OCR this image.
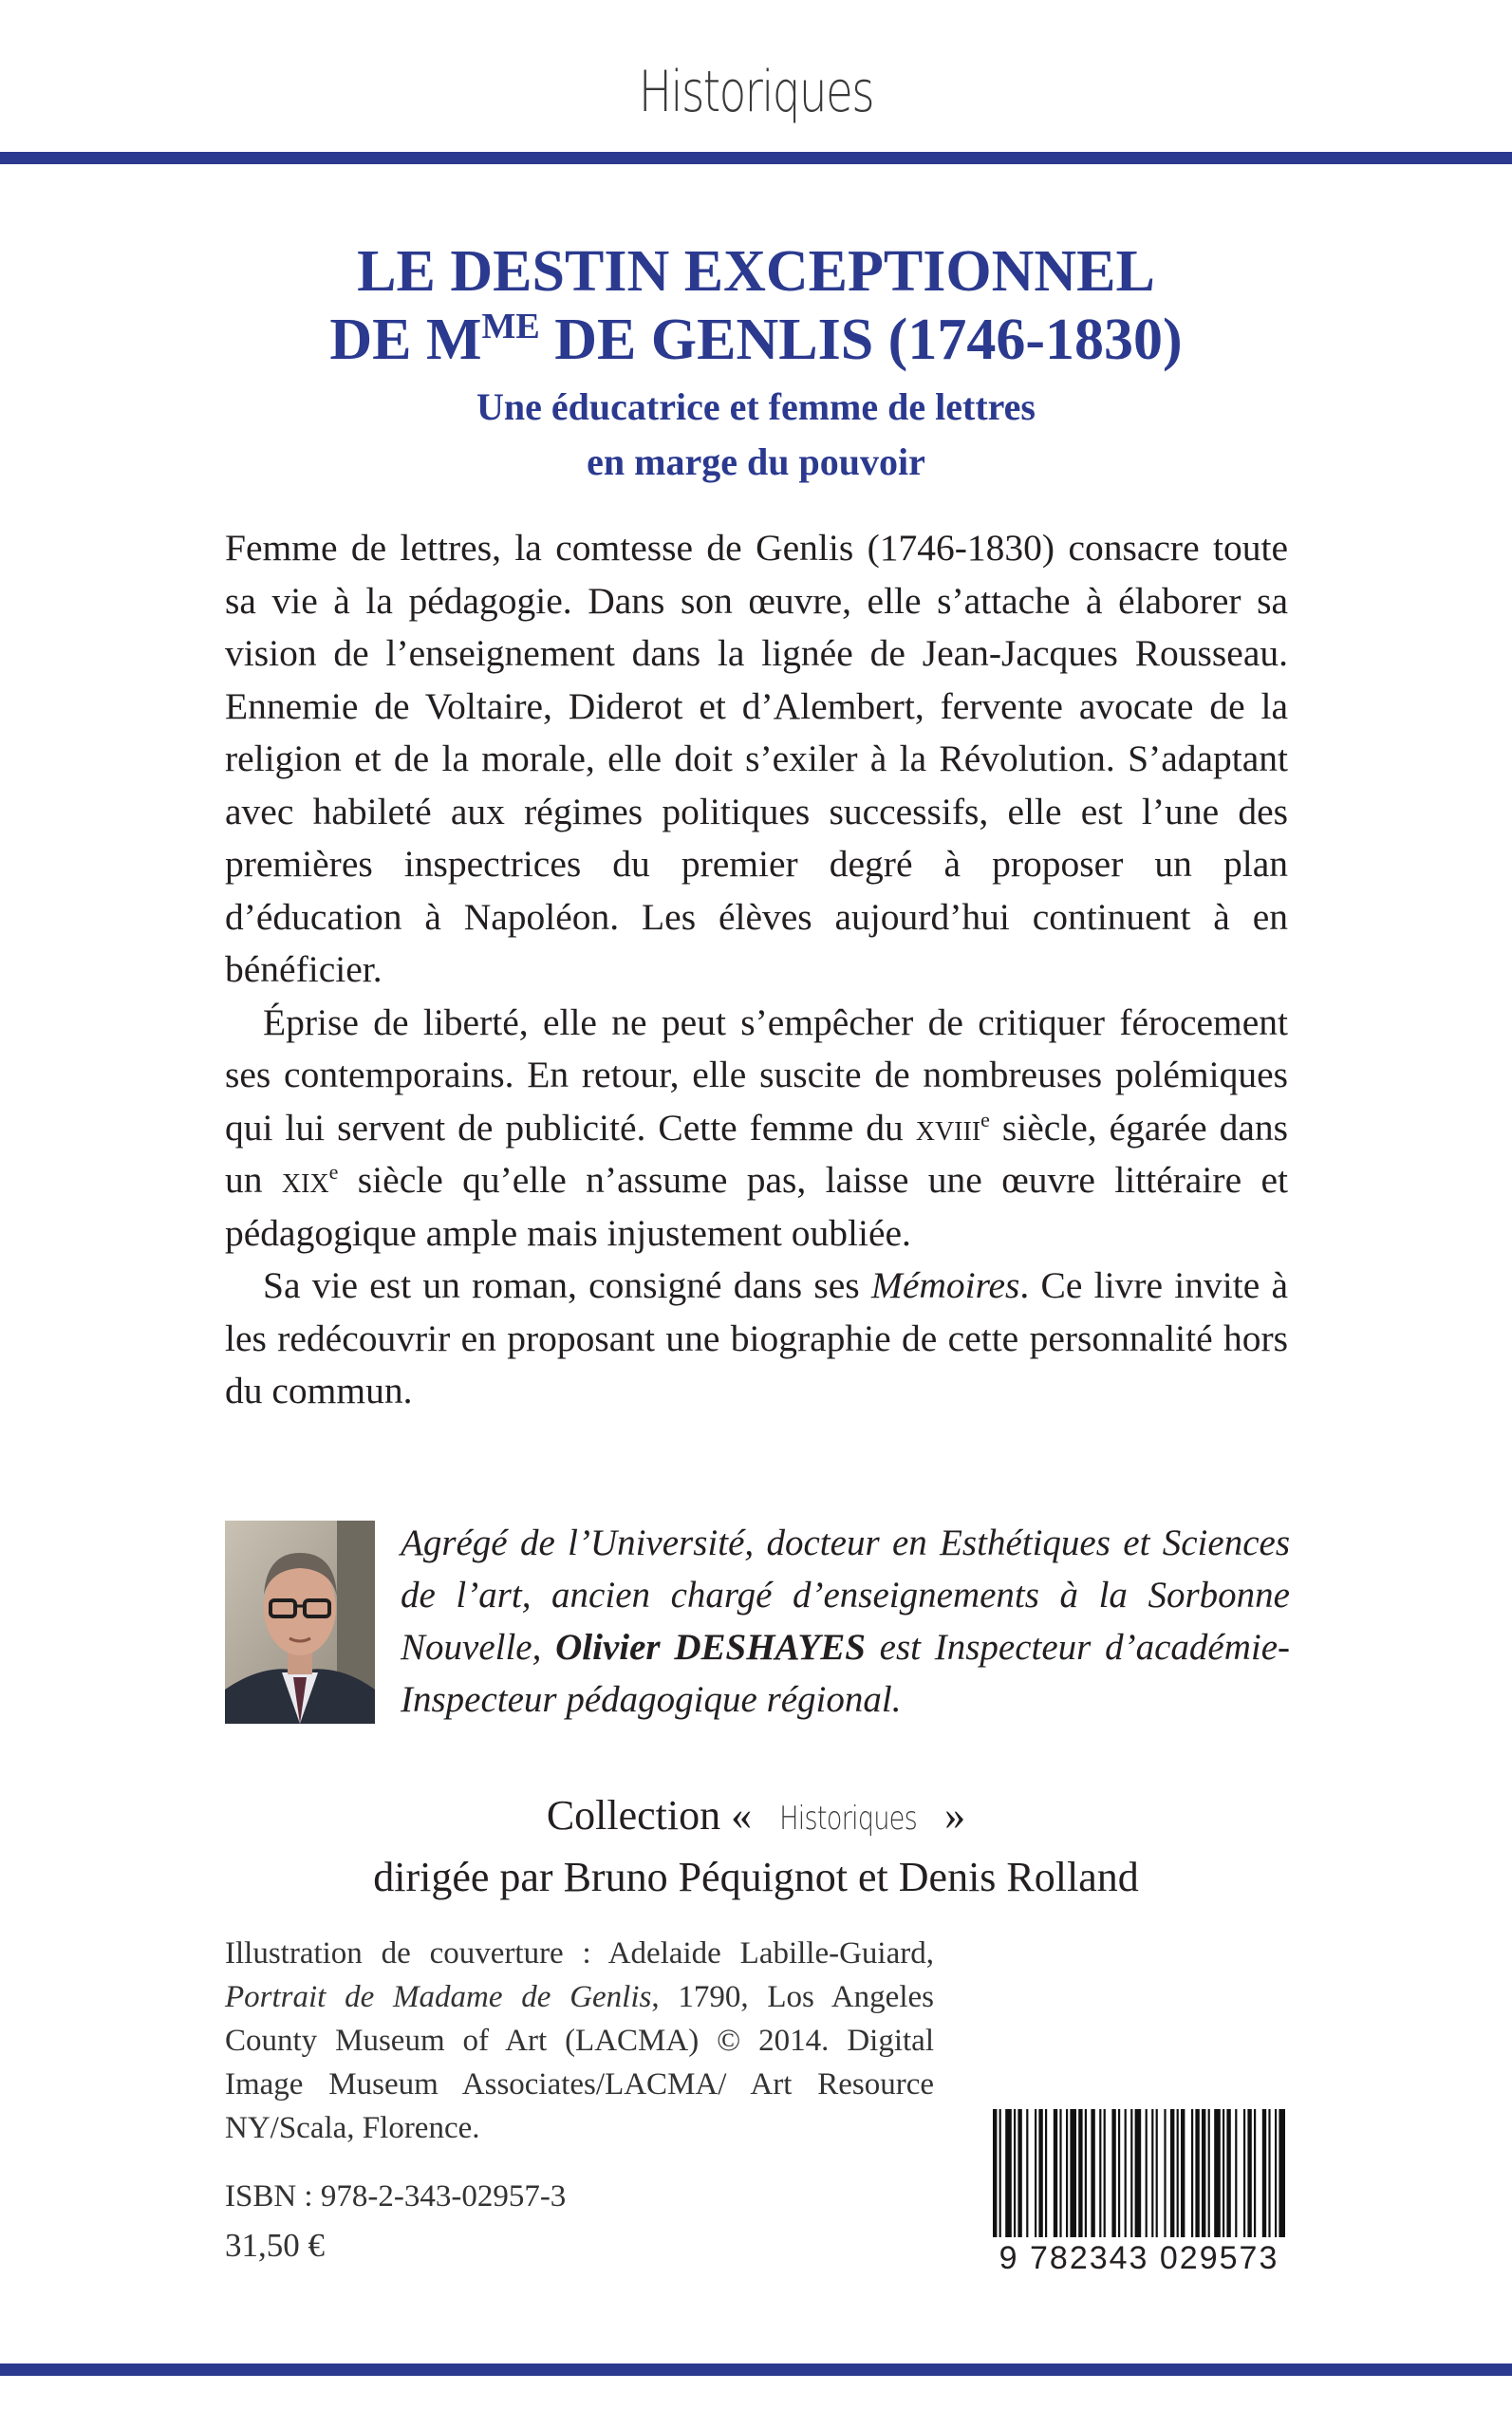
Historiques
LE DESTIN EXCEPTIONNEL
DE $M^{ME}$ DE GENLIS (1746-1830)
Une éducatrice et femme de lettres
en marge du pouvoir

Femme de lettres, la comtesse de Genlis (1746-1830) consacre toute sa vie à la pédagogie. Dans son œuvre, elle s’attache à élaborer sa vision de l’enseignement dans la lignée de Jean-Jacques Rousseau. Ennemie de Voltaire, Diderot et d’Alembert, fervente avocate de la religion et de la morale, elle doit s’exiler à la Révolution. S’adaptant avec habileté aux régimes politiques successifs, elle est l’une des premières inspectrices du premier degré à proposer un plan d’éducation à Napoléon. Les élèves aujourd’hui continuent à en bénéficier.

Éprise de liberté, elle ne peut s’empêcher de critiquer férocement ses contemporains. En retour, elle suscite de nombreuses polémiques qui lui servent de publicité. Cette femme du xviii$^e$ siècle, égarée dans un xix$^e$ siècle qu’elle n’assume pas, laisse une œuvre littéraire et pédagogique ample mais injustement oubliée.

Sa vie est un roman, consigné dans ses Mémoires. Ce livre invite à les redécouvrir en proposant une biographie de cette personnalité hors du commun.

Agrégé de l’Université, docteur en Esthétiques et Sciences de l’art, ancien chargé d’enseignements à la Sorbonne Nouvelle, Olivier DESHAYES est Inspecteur d’académie-Inspecteur pédagogique régional.

Collection « Historiques »
dirigée par Bruno Péquignot et Denis Rolland

Illustration de couverture : Adelaide Labille-Guiard, Portrait de Madame de Genlis, 1790, Los Angeles County Museum of Art (LACMA) © 2014. Digital Image Museum Associates/LACMA/ Art Resource NY/Scala, Florence.

ISBN : 978-2-343-02957-3
31,50 €	9 782343 029573
